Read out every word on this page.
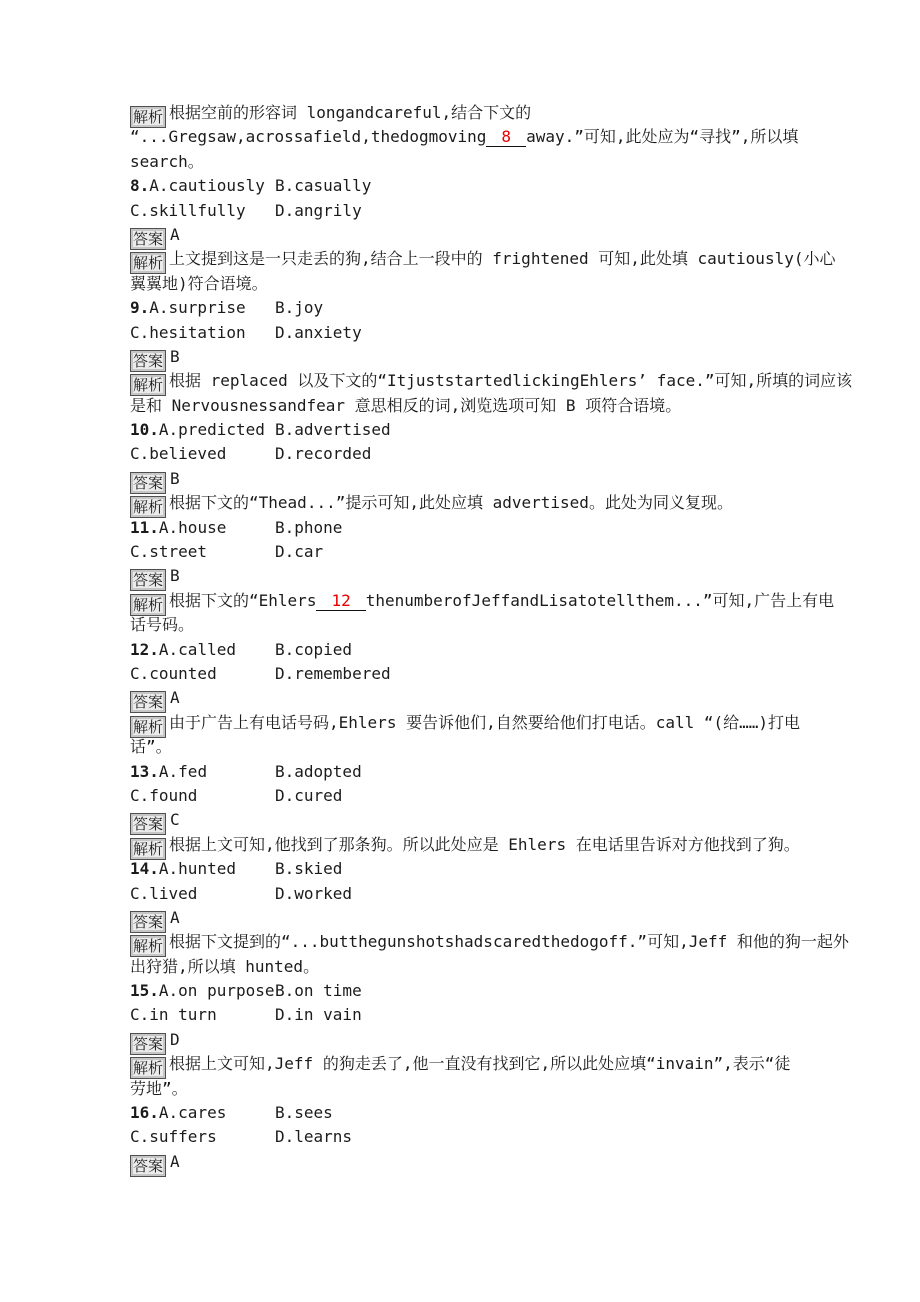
解析 根据空前的形容词 longandcareful,结合下文的
“...Gregsaw,acrossafield,thedogmoving 8 away.”可知,此处应为“寻找”,所以填
search。
8.A.cautiously B.casually
C.skillfully D.angrily
答案 A
解析 上文提到这是一只走丢的狗,结合上一段中的 frightened 可知,此处填 cautiously(小心
翼翼地)符合语境。
9.A.surprise B.joy
C.hesitation D.anxiety
答案 B
解析 根据 replaced 以及下文的“ItjuststartedlickingEhlers’ face.”可知,所填的词应该
是和 Nervousnessandfear 意思相反的词,浏览选项可知 B 项符合语境。
10.A.predicted B.advertised
C.believed	D.recorded
答案 B
解析 根据下文的“Thead...”提示可知,此处应填 advertised。此处为同义复现。
11.A.house	B.phone
C.street	D.car
答案 B
解析 根据下文的“Ehlers 12 thenumberofJeffandLisatotellthem...”可知,广告上有电
话号码。
12.A.called B.copied
C.counted	D.remembered
答案 A
解析 由于广告上有电话号码,Ehlers 要告诉他们,自然要给他们打电话。call “(给……)打电
话”。
13.A.fed	B.adopted
C.found	D.cured
答案 C
解析 根据上文可知,他找到了那条狗。所以此处应是 Ehlers 在电话里告诉对方他找到了狗。
14.A.hunted B.skied
C.lived	D.worked
答案 A
解析 根据下文提到的“...butthegunshotshadscaredthedogoff.”可知,Jeff 和他的狗一起外
出狩猎,所以填 hunted。
15.A.on purposeB.on time
C.in turn	D.in vain
答案 D
解析 根据上文可知,Jeff 的狗走丢了,他一直没有找到它,所以此处应填“invain”,表示“徒
劳地”。
16.A.cares	B.sees
C.suffers	D.learns
答案 A
